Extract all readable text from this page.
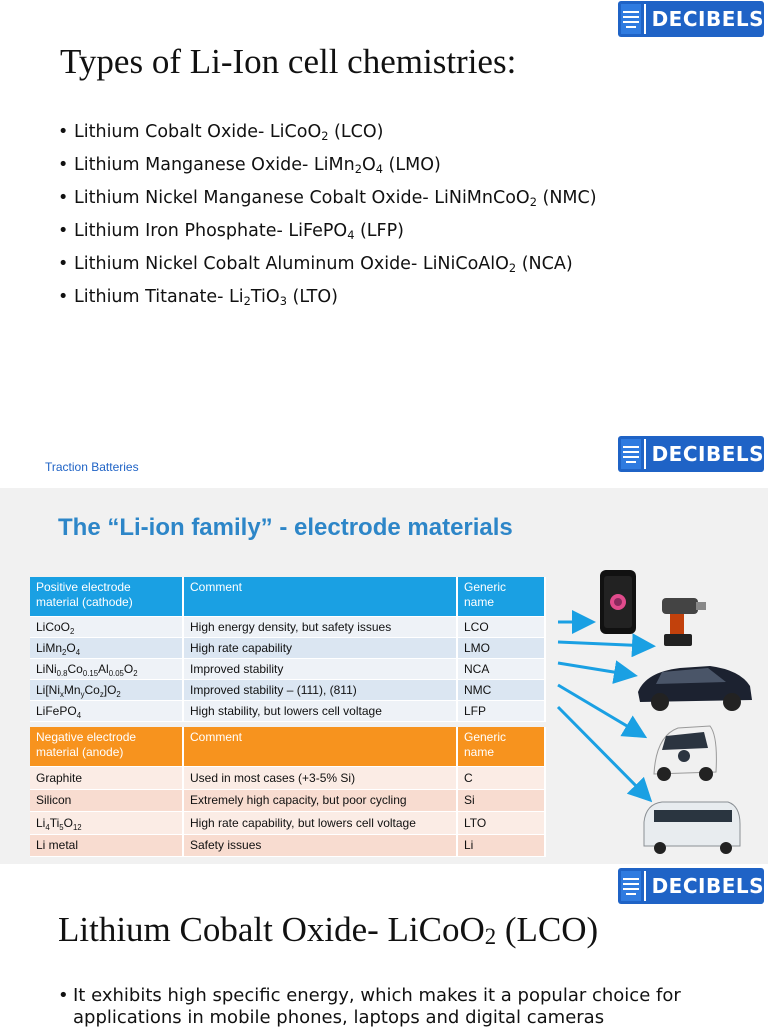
DECIBELS
Types of Li-Ion cell chemistries:
• Lithium Cobalt Oxide- LiCoO$_2$ (LCO)
• Lithium Manganese Oxide- $LiMn_2O_4$ (LMO)
• Lithium Nickel Manganese Cobalt Oxide- LiNiMnCoO$_2$ (NMC)
• Lithium Iron Phosphate- LiFePO$_4$ (LFP)
• Lithium Nickel Cobalt Aluminum Oxide- LiNiCoAlO$_2$ (NCA)
• Lithium Titanate- $Li_2TiO_3$ (LTO)
DECIBELS
Traction Batteries
The “Li-ion family” - electrode materials
Positive electrode material (cathode)	Comment	Generic name
LiCoO$_2$	High energy density, but safety issues	LCO
$LiMn_2O_4$	High rate capability	LMO
$LiNi_{0.8}Co_{0.15}Al_{0.05}O_2$	Improved stability	NCA
$Li[Ni_xMn_yCo_z]O_2$	Improved stability – (111), (811)	NMC
LiFePO$_4$	High stability, but lowers cell voltage	LFP
Negative electrode material (anode)	Comment	Generic name
Graphite	Used in most cases (+3-5% Si)	C
Silicon	Extremely high capacity, but poor cycling	Si
$Li_4Ti_5O_{12}$	High rate capability, but lowers cell voltage	LTO
Li metal	Safety issues	Li
DECIBELS
Lithium Cobalt Oxide- LiCoO$_2$ (LCO)
• It exhibits high specific energy, which makes it a popular choice for
applications in mobile phones, laptops and digital cameras
